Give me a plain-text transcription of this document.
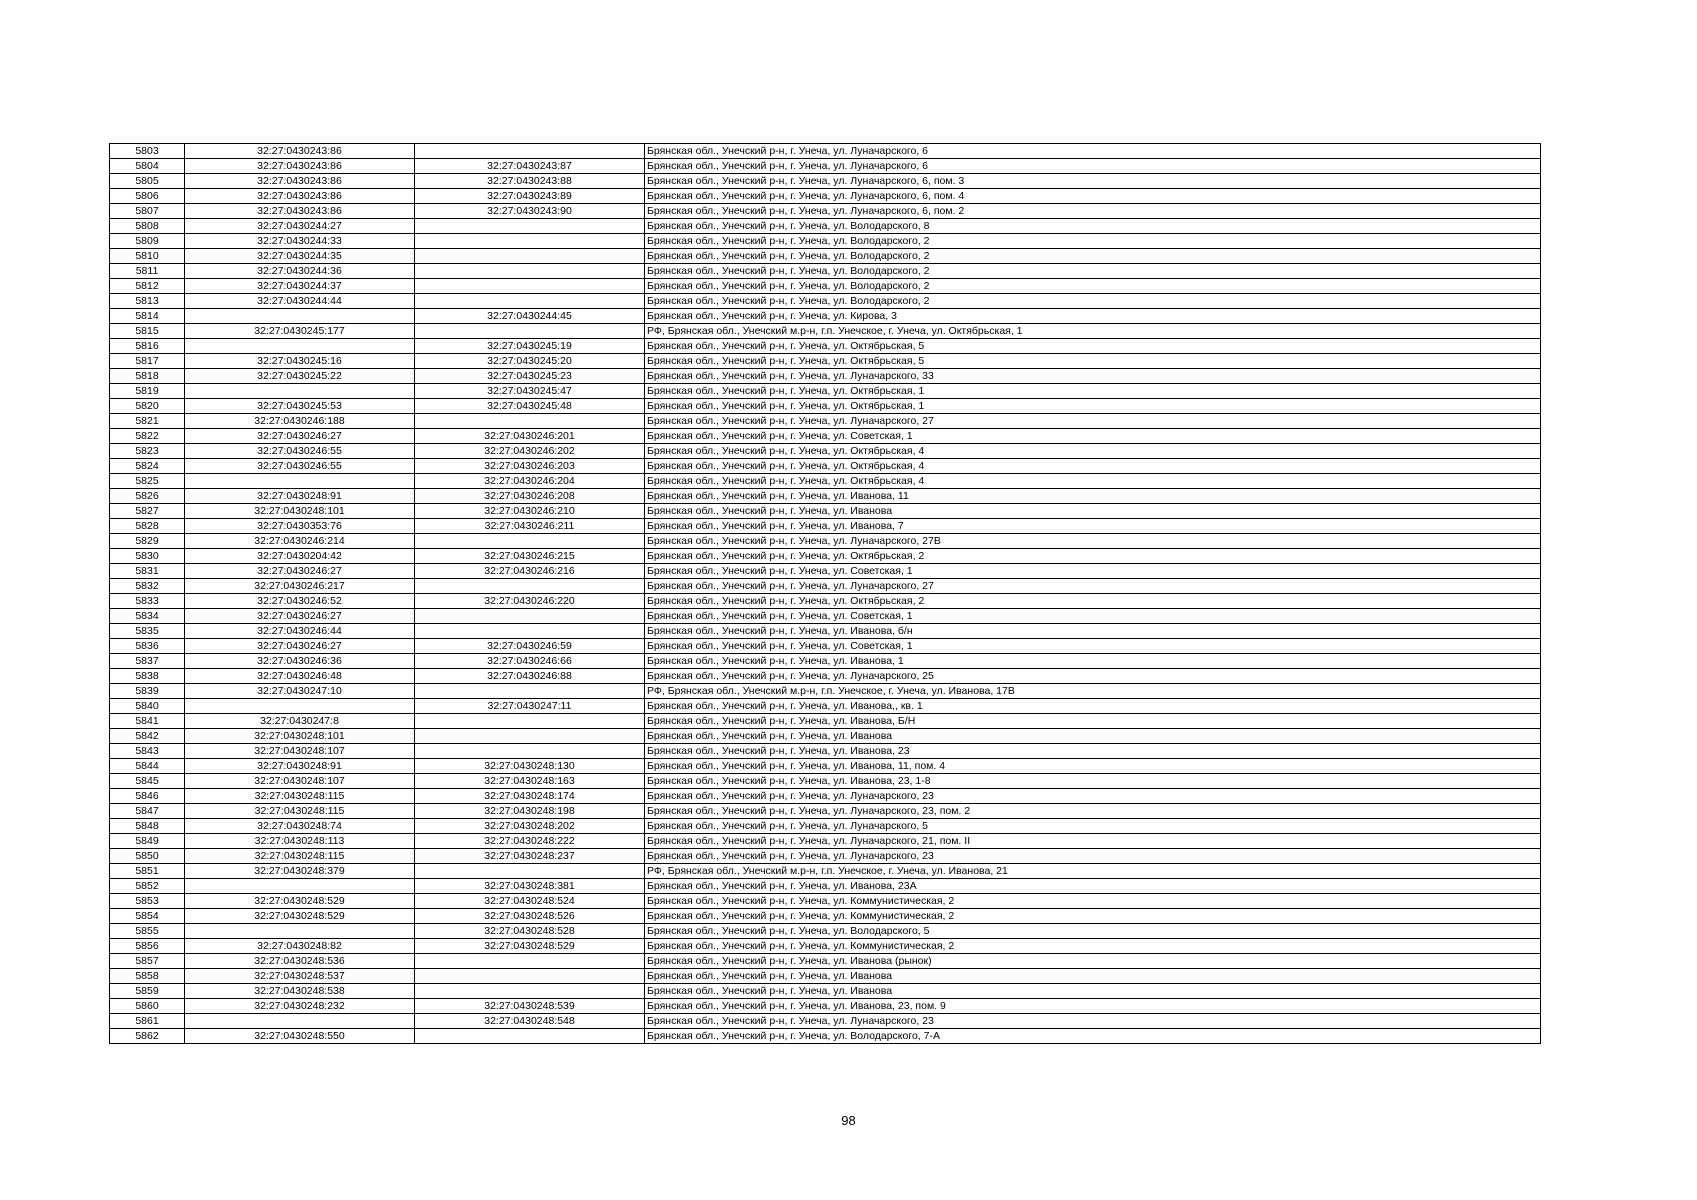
5803	32:27:0430243:86		Брянская обл., Унечский р-н, г. Унеча, ул. Луначарского, 6
5804	32:27:0430243:86	32:27:0430243:87	Брянская обл., Унечский р-н, г. Унеча, ул. Луначарского, 6
5805	32:27:0430243:86	32:27:0430243:88	Брянская обл., Унечский р-н, г. Унеча, ул. Луначарского, 6, пом. 3
5806	32:27:0430243:86	32:27:0430243:89	Брянская обл., Унечский р-н, г. Унеча, ул. Луначарского, 6, пом. 4
5807	32:27:0430243:86	32:27:0430243:90	Брянская обл., Унечский р-н, г. Унеча, ул. Луначарского, 6, пом. 2
5808	32:27:0430244:27		Брянская обл., Унечский р-н, г. Унеча, ул. Володарского, 8
5809	32:27:0430244:33		Брянская обл., Унечский р-н, г. Унеча, ул. Володарского, 2
5810	32:27:0430244:35		Брянская обл., Унечский р-н, г. Унеча, ул. Володарского, 2
5811	32:27:0430244:36		Брянская обл., Унечский р-н, г. Унеча, ул. Володарского, 2
5812	32:27:0430244:37		Брянская обл., Унечский р-н, г. Унеча, ул. Володарского, 2
5813	32:27:0430244:44		Брянская обл., Унечский р-н, г. Унеча, ул. Володарского, 2
5814		32:27:0430244:45	Брянская обл., Унечский р-н, г. Унеча, ул. Кирова, 3
5815	32:27:0430245:177		РФ, Брянская обл., Унечский м.р-н, г.п. Унечское, г. Унеча, ул. Октябрьская, 1
5816		32:27:0430245:19	Брянская обл., Унечский р-н, г. Унеча, ул. Октябрьская, 5
5817	32:27:0430245:16	32:27:0430245:20	Брянская обл., Унечский р-н, г. Унеча, ул. Октябрьская, 5
5818	32:27:0430245:22	32:27:0430245:23	Брянская обл., Унечский р-н, г. Унеча, ул. Луначарского, 33
5819		32:27:0430245:47	Брянская обл., Унечский р-н, г. Унеча, ул. Октябрьская, 1
5820	32:27:0430245:53	32:27:0430245:48	Брянская обл., Унечский р-н, г. Унеча, ул. Октябрьская, 1
5821	32:27:0430246:188		Брянская обл., Унечский р-н, г. Унеча, ул. Луначарского, 27
5822	32:27:0430246:27	32:27:0430246:201	Брянская обл., Унечский р-н, г. Унеча, ул. Советская, 1
5823	32:27:0430246:55	32:27:0430246:202	Брянская обл., Унечский р-н, г. Унеча, ул. Октябрьская, 4
5824	32:27:0430246:55	32:27:0430246:203	Брянская обл., Унечский р-н, г. Унеча, ул. Октябрьская, 4
5825		32:27:0430246:204	Брянская обл., Унечский р-н, г. Унеча, ул. Октябрьская, 4
5826	32:27:0430248:91	32:27:0430246:208	Брянская обл., Унечский р-н, г. Унеча, ул. Иванова, 11
5827	32:27:0430248:101	32:27:0430246:210	Брянская обл., Унечский р-н, г. Унеча, ул. Иванова
5828	32:27:0430353:76	32:27:0430246:211	Брянская обл., Унечский р-н, г. Унеча, ул. Иванова, 7
5829	32:27:0430246:214		Брянская обл., Унечский р-н, г. Унеча, ул. Луначарского, 27В
5830	32:27:0430204:42	32:27:0430246:215	Брянская обл., Унечский р-н, г. Унеча, ул. Октябрьская, 2
5831	32:27:0430246:27	32:27:0430246:216	Брянская обл., Унечский р-н, г. Унеча, ул. Советская, 1
5832	32:27:0430246:217		Брянская обл., Унечский р-н, г. Унеча, ул. Луначарского, 27
5833	32:27:0430246:52	32:27:0430246:220	Брянская обл., Унечский р-н, г. Унеча, ул. Октябрьская, 2
5834	32:27:0430246:27		Брянская обл., Унечский р-н, г. Унеча, ул. Советская, 1
5835	32:27:0430246:44		Брянская обл., Унечский р-н, г. Унеча, ул. Иванова, б/н
5836	32:27:0430246:27	32:27:0430246:59	Брянская обл., Унечский р-н, г. Унеча, ул. Советская, 1
5837	32:27:0430246:36	32:27:0430246:66	Брянская обл., Унечский р-н, г. Унеча, ул. Иванова, 1
5838	32:27:0430246:48	32:27:0430246:88	Брянская обл., Унечский р-н, г. Унеча, ул. Луначарского, 25
5839	32:27:0430247:10		РФ, Брянская обл., Унечский м.р-н, г.п. Унечское, г. Унеча, ул. Иванова, 17В
5840		32:27:0430247:11	Брянская обл., Унечский р-н, г. Унеча, ул. Иванова,, кв. 1
5841	32:27:0430247:8		Брянская обл., Унечский р-н, г. Унеча, ул. Иванова, Б/Н
5842	32:27:0430248:101		Брянская обл., Унечский р-н, г. Унеча, ул. Иванова
5843	32:27:0430248:107		Брянская обл., Унечский р-н, г. Унеча, ул. Иванова, 23
5844	32:27:0430248:91	32:27:0430248:130	Брянская обл., Унечский р-н, г. Унеча, ул. Иванова, 11, пом. 4
5845	32:27:0430248:107	32:27:0430248:163	Брянская обл., Унечский р-н, г. Унеча, ул. Иванова, 23, 1-8
5846	32:27:0430248:115	32:27:0430248:174	Брянская обл., Унечский р-н, г. Унеча, ул. Луначарского, 23
5847	32:27:0430248:115	32:27:0430248:198	Брянская обл., Унечский р-н, г. Унеча, ул. Луначарского, 23, пом. 2
5848	32:27:0430248:74	32:27:0430248:202	Брянская обл., Унечский р-н, г. Унеча, ул. Луначарского, 5
5849	32:27:0430248:113	32:27:0430248:222	Брянская обл., Унечский р-н, г. Унеча, ул. Луначарского, 21, пом. II
5850	32:27:0430248:115	32:27:0430248:237	Брянская обл., Унечский р-н, г. Унеча, ул. Луначарского, 23
5851	32:27:0430248:379		РФ, Брянская обл., Унечский м.р-н, г.п. Унечское, г. Унеча, ул. Иванова, 21
5852		32:27:0430248:381	Брянская обл., Унечский р-н, г. Унеча, ул. Иванова, 23А
5853	32:27:0430248:529	32:27:0430248:524	Брянская обл., Унечский р-н, г. Унеча, ул. Коммунистическая, 2
5854	32:27:0430248:529	32:27:0430248:526	Брянская обл., Унечский р-н, г. Унеча, ул. Коммунистическая, 2
5855		32:27:0430248:528	Брянская обл., Унечский р-н, г. Унеча, ул. Володарского, 5
5856	32:27:0430248:82	32:27:0430248:529	Брянская обл., Унечский р-н, г. Унеча, ул. Коммунистическая, 2
5857	32:27:0430248:536		Брянская обл., Унечский р-н, г. Унеча, ул. Иванова (рынок)
5858	32:27:0430248:537		Брянская обл., Унечский р-н, г. Унеча, ул. Иванова
5859	32:27:0430248:538		Брянская обл., Унечский р-н, г. Унеча, ул. Иванова
5860	32:27:0430248:232	32:27:0430248:539	Брянская обл., Унечский р-н, г. Унеча, ул. Иванова, 23, пом. 9
5861		32:27:0430248:548	Брянская обл., Унечский р-н, г. Унеча, ул. Луначарского, 23
5862	32:27:0430248:550		Брянская обл., Унечский р-н, г. Унеча, ул. Володарского, 7-А
98
